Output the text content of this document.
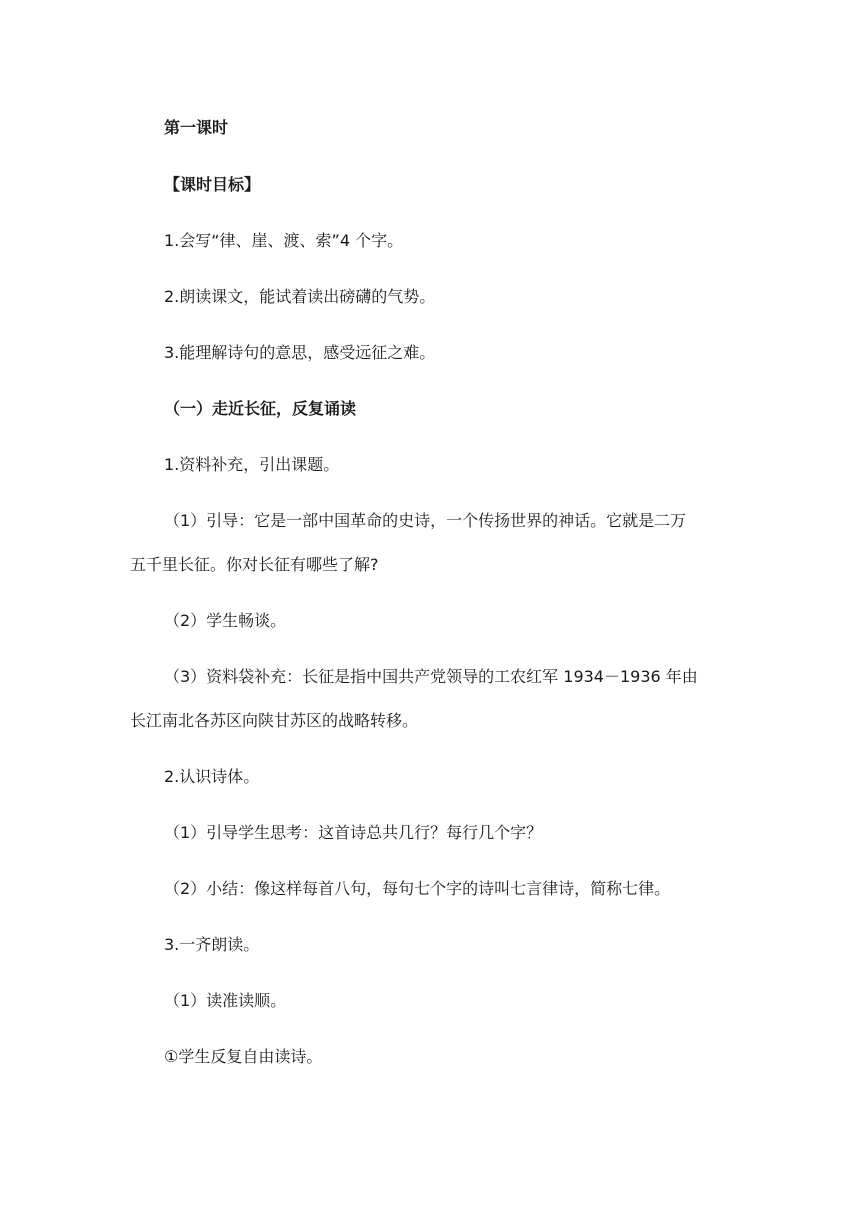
第一课时
【课时目标】
1.会写“律、崖、渡、索”4 个字。
2.朗读课文，能试着读出磅礴的气势。
3.能理解诗句的意思，感受远征之难。
（一）走近长征，反复诵读
1.资料补充，引出课题。
（1）引导：它是一部中国革命的史诗，一个传扬世界的神话。它就是二万
五千里长征。你对长征有哪些了解?
（2）学生畅谈。
（3）资料袋补充：长征是指中国共产党领导的工农红军 1934－1936 年由
长江南北各苏区向陕甘苏区的战略转移。
2.认识诗体。
（1）引导学生思考：这首诗总共几行？每行几个字？
（2）小结：像这样每首八句，每句七个字的诗叫七言律诗，简称七律。
3.一齐朗读。
（1）读准读顺。
①学生反复自由读诗。
